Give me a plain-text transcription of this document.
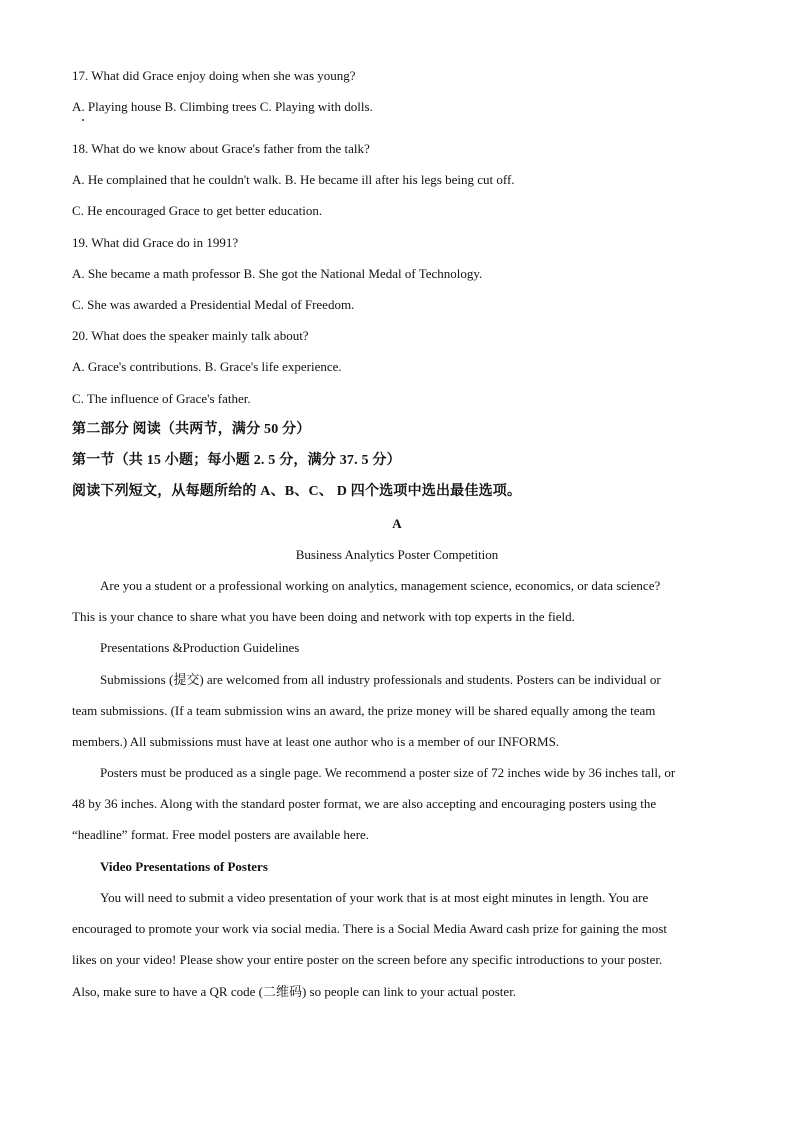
17. What did Grace enjoy doing when she was young?
A. Playing house B. Climbing trees C. Playing with dolls.
18. What do we know about Grace's father from the talk?
A. He complained that he couldn't walk. B. He became ill after his legs being cut off.
C. He encouraged Grace to get better education.
19. What did Grace do in 1991?
A. She became a math professor B. She got the National Medal of Technology.
C. She was awarded a Presidential Medal of Freedom.
20. What does the speaker mainly talk about?
A. Grace's contributions. B. Grace's life experience.
C. The influence of Grace's father.
第二部分 阅读（共两节，满分 50 分）
第一节（共 15 小题；每小题 2. 5 分，满分 37. 5 分）
阅读下列短文，从每题所给的 A、B、C、 D 四个选项中选出最佳选项。
A
Business Analytics Poster Competition
Are you a student or a professional working on analytics, management science, economics, or data science?
This is your chance to share what you have been doing and network with top experts in the field.
Presentations &Production Guidelines
Submissions (提交) are welcomed from all industry professionals and students. Posters can be individual or
team submissions. (If a team submission wins an award, the prize money will be shared equally among the team
members.) All submissions must have at least one author who is a member of our INFORMS.
Posters must be produced as a single page. We recommend a poster size of 72 inches wide by 36 inches tall, or
48 by 36 inches. Along with the standard poster format, we are also accepting and encouraging posters using the
“headline” format. Free model posters are available here.
Video Presentations of Posters
You will need to submit a video presentation of your work that is at most eight minutes in length. You are
encouraged to promote your work via social media. There is a Social Media Award cash prize for gaining the most
likes on your video! Please show your entire poster on the screen before any specific introductions to your poster.
Also, make sure to have a QR code (二维码) so people can link to your actual poster.
